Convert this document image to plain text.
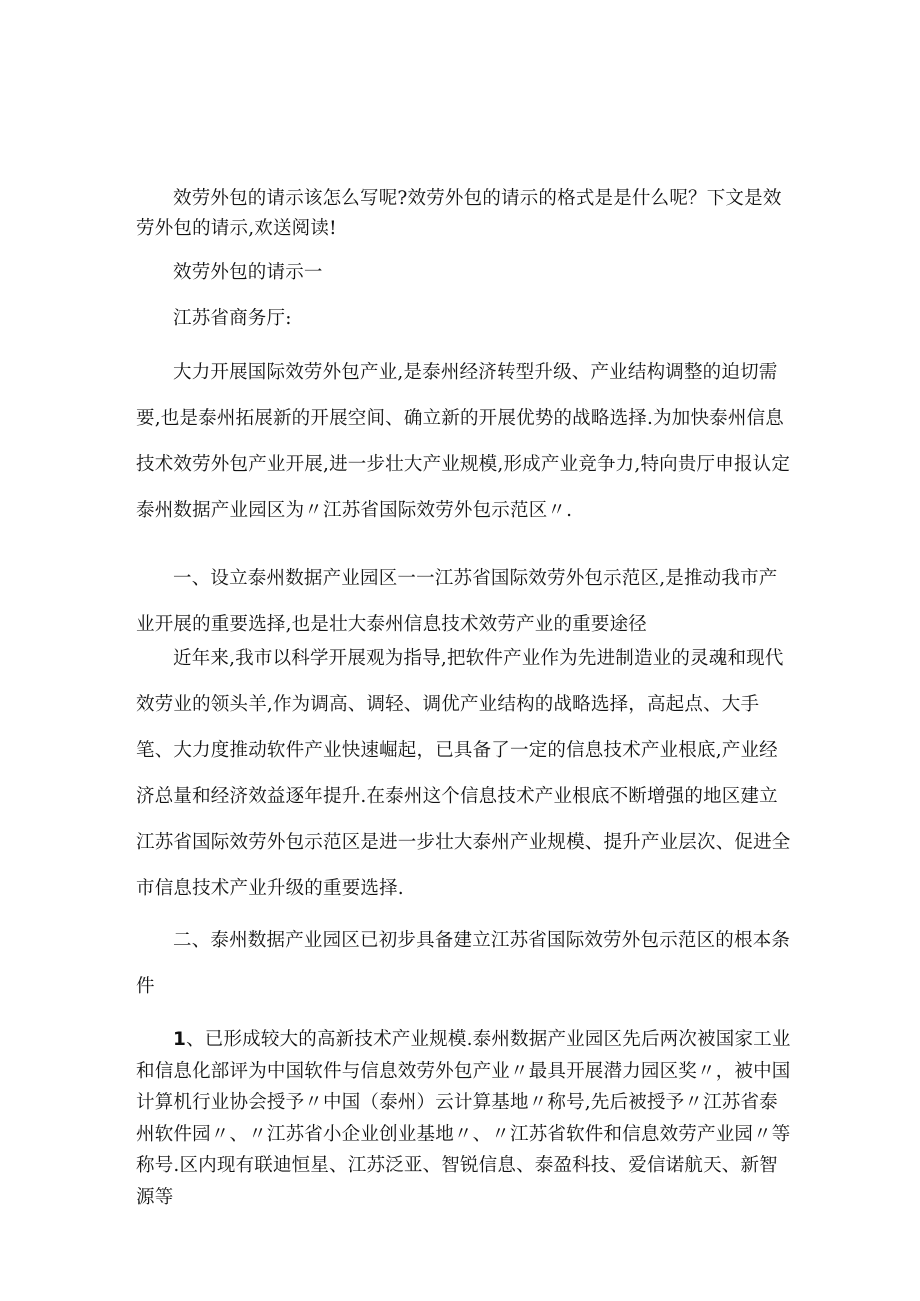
效劳外包的请示该怎么写呢?效劳外包的请示的格式是是什么呢？下文是效劳外包的请示,欢送阅读!

效劳外包的请示一

江苏省商务厅:

大力开展国际效劳外包产业,是泰州经济转型升级、产业结构调整的迫切需要,也是泰州拓展新的开展空间、确立新的开展优势的战略选择.为加快泰州信息技术效劳外包产业开展,进一步壮大产业规模,形成产业竞争力,特向贵厅申报认定泰州数据产业园区为〃江苏省国际效劳外包示范区〃.

一、设立泰州数据产业园区一一江苏省国际效劳外包示范区,是推动我市产业开展的重要选择,也是壮大泰州信息技术效劳产业的重要途径

近年来,我市以科学开展观为指导,把软件产业作为先进制造业的灵魂和现代效劳业的领头羊,作为调高、调轻、调优产业结构的战略选择，高起点、大手笔、大力度推动软件产业快速崛起，已具备了一定的信息技术产业根底,产业经济总量和经济效益逐年提升.在泰州这个信息技术产业根底不断增强的地区建立江苏省国际效劳外包示范区是进一步壮大泰州产业规模、提升产业层次、促进全市信息技术产业升级的重要选择.

二、泰州数据产业园区已初步具备建立江苏省国际效劳外包示范区的根本条件

1、已形成较大的高新技术产业规模.泰州数据产业园区先后两次被国家工业和信息化部评为中国软件与信息效劳外包产业〃最具开展潜力园区奖〃，被中国计算机行业协会授予〃中国（泰州）云计算基地〃称号,先后被授予〃江苏省泰州软件园〃、〃江苏省小企业创业基地〃、〃江苏省软件和信息效劳产业园〃等称号.区内现有联迪恒星、江苏泛亚、智锐信息、泰盈科技、爱信诺航天、新智源等
